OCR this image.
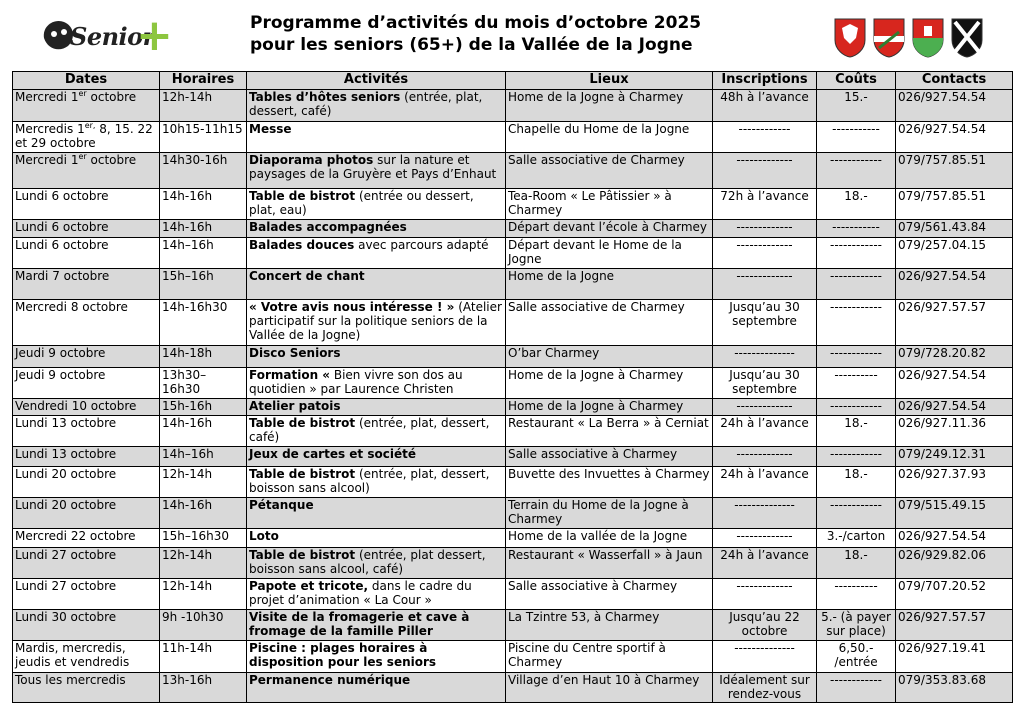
Senior
+	Programme d’activités du mois d’octobre 2025
pour les seniors (65+) de la Vallée de la Jogne
Dates	Horaires	Activités	Lieux	Inscriptions	Coûts	Contacts
Mercredi 1er octobre	12h-14h	Tables d’hôtes seniors (entrée, plat, dessert, café)	Home de la Jogne à Charmey	48h à l’avance	15.-	026/927.54.54
Mercredis $1^{er,}$ 8, 15. 22 et 29 octobre	10h15-11h15	Messe	Chapelle du Home de la Jogne	------------	-----------	026/927.54.54
Mercredi 1er octobre	14h30-16h	Diaporama photos sur la nature et paysages de la Gruyère et Pays d’Enhaut	Salle associative de Charmey	-------------	------------	079/757.85.51
Lundi 6 octobre	14h-16h	Table de bistrot (entrée ou dessert, plat, eau)	Tea-Room « Le Pâtissier » à Charmey	72h à l’avance	18.-	079/757.85.51
Lundi 6 octobre	14h-16h	Balades accompagnées	Départ devant l’école à Charmey	-------------	-----------	079/561.43.84
Lundi 6 octobre	14h–16h	Balades douces avec parcours adapté	Départ devant le Home de la Jogne	-------------	------------	079/257.04.15
Mardi 7 octobre	15h–16h	Concert de chant	Home de la Jogne	-------------	------------	026/927.54.54
Mercredi 8 octobre	14h-16h30	« Votre avis nous intéresse ! » (Atelier participatif sur la politique seniors de la Vallée de la Jogne)	Salle associative de Charmey	Jusqu’au 30 septembre	------------	026/927.57.57
Jeudi 9 octobre	14h-18h	Disco Seniors	O’bar Charmey	--------------	------------	079/728.20.82
Jeudi 9 octobre	13h30–16h30	Formation « Bien vivre son dos au quotidien » par Laurence Christen	Home de la Jogne à Charmey	Jusqu’au 30 septembre	----------	026/927.54.54
Vendredi 10 octobre	15h-16h	Atelier patois	Home de la Jogne à Charmey	-------------	------------	026/927.54.54
Lundi 13 octobre	14h-16h	Table de bistrot (entrée, plat, dessert, café)	Restaurant « La Berra » à Cerniat	24h à l’avance	18.-	026/927.11.36
Lundi 13 octobre	14h–16h	Jeux de cartes et société	Salle associative à Charmey	-------------	------------	079/249.12.31
Lundi 20 octobre	12h-14h	Table de bistrot (entrée, plat, dessert, boisson sans alcool)	Buvette des Invuettes à Charmey	24h à l’avance	18.-	026/927.37.93
Lundi 20 octobre	14h-16h	Pétanque	Terrain du Home de la Jogne à Charmey	--------------	------------	079/515.49.15
Mercredi 22 octobre	15h–16h30	Loto	Home de la vallée de la Jogne	-------------	3.-/carton	026/927.54.54
Lundi 27 octobre	12h-14h	Table de bistrot (entrée, plat dessert, boisson sans alcool, café)	Restaurant « Wasserfall » à Jaun	24h à l’avance	18.-	026/929.82.06
Lundi 27 octobre	12h-14h	Papote et tricote, dans le cadre du projet d’animation « La Cour »	Salle associative à Charmey	-------------	----------	079/707.20.52
Lundi 30 octobre	9h -10h30	Visite de la fromagerie et cave à fromage de la famille Piller	La Tzintre 53, à Charmey	Jusqu’au 22 octobre	5.- (à payer sur place)	026/927.57.57
Mardis, mercredis, jeudis et vendredis	11h-14h	Piscine : plages horaires à disposition pour les seniors	Piscine du Centre sportif à Charmey	--------------	6,50.- /entrée	026/927.19.41
Tous les mercredis	13h-16h	Permanence numérique	Village d’en Haut 10 à Charmey	Idéalement sur rendez-vous	------------	079/353.83.68
